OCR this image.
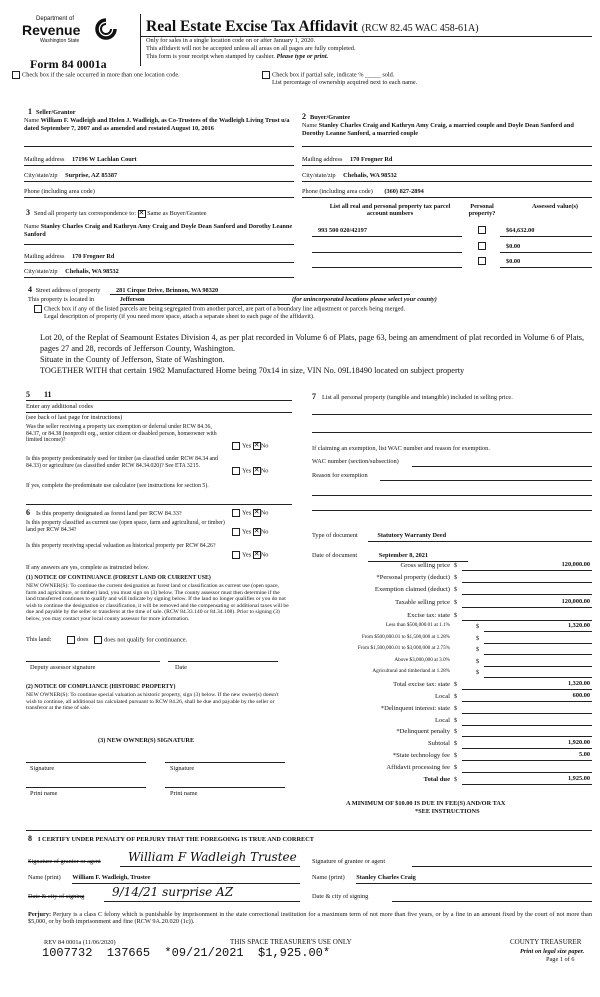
Department of
Revenue
Washington State
Form 84 0001a
Real Estate Excise Tax Affidavit (RCW 82.45 WAC 458-61A)
Only for sales in a single location code on or after January 1, 2020.
This affidavit will not be accepted unless all areas on all pages are fully completed.
This form is your receipt when stamped by cashier. Please type or print.
Check box if the sale occurred in more than one location code.	Check box if partial sale, indicate % _____ sold.
List percentage of ownership acquired next to each name.
1 Seller/Grantor
Name William F. Wadleigh and Helen J. Wadleigh, as Co-Trustees of the Wadleigh Living Trust u/a dated September 7, 2007 and as amended and restated August 10, 2016
Mailing address 17196 W Lachlan Court
City/state/zip Surprise, AZ 85387
Phone (including area code)
2 Buyer/Grantee
Name Stanley Charles Craig and Kathryn Amy Craig, a married couple and Doyle Dean Sanford and Dorothy Leanne Sanford, a married couple
Mailing address 170 Frogner Rd
City/state/zip Chehalis, WA 98532
Phone (including area code) (360) 827-2894
3 Send all property tax correspondence to: ✕ Same as Buyer/Grantee
Name Stanley Charles Craig and Kathryn Amy Craig and Doyle Dean Sanford and Dorothy Leanne Sanford
Mailing address 170 Frogner Rd
City/state/zip Chehalis, WA 98532
List all real and personal property tax parcel account numbers
Personal property?
Assessed value(s)
993 500 020/42197	$64,632.00
$0.00
$0.00
4 Street address of property 281 Cirque Drive, Brinnon, WA 98320
This property is located in	Jefferson	(for unincorporated locations please select your county)
Check box if any of the listed parcels are being segregated from another parcel, are part of a boundary line adjustment or parcels being merged.
Legal description of property (if you need more space, attach a separate sheet to each page of the affidavit).
Lot 20, of the Replat of Seamount Estates Division 4, as per plat recorded in Volume 6 of Plats, page 63, being an amendment of plat recorded in Volume 6 of Plats, pages 27 and 28, records of Jefferson County, Washington.
Situate in the County of Jefferson, State of Washington.
TOGETHER WITH that certain 1982 Manufactured Home being 70x14 in size, VIN No. 09L18490 located on subject property
5 11
Enter any additional codes
(see back of last page for instructions)
Was the seller receiving a property tax exemption or deferral under RCW 84.36, 84.37, or 84.38 (nonprofit org., senior citizen or disabled person, homeowner with limited income)?
Yes ✕ No
Is this property predominately used for timber (as classified under RCW 84.34 and 84.33) or agriculture (as classified under RCW 84.34.020)? See ETA 3215.
Yes ✕ No
If yes, complete the predominate use calculator (see instructions for section 5).
6 Is this property designated as forest land per RCW 84.33?	Yes ✕ No
Is this property classified as current use (open space, farm and agricultural, or timber) land per RCW 84.34?	Yes ✕ No
Is this property receiving special valuation as historical property per RCW 84.26?
Yes ✕ No
If any answers are yes, complete as instructed below.
(1) NOTICE OF CONTINUANCE (FOREST LAND OR CURRENT USE)
NEW OWNER(S): To continue the current designation as forest land or classification as current use (open space, farm and agriculture, or timber) land, you must sign on (3) below. The county assessor must then determine if the land transferred continues to qualify and will indicate by signing below. If the land no longer qualifies or you do not wish to continue the designation or classification, it will be removed and the compensating or additional taxes will be due and payable by the seller or transferor at the time of sale. (RCW 84.33.140 or 84.34.108). Prior to signing (3) below, you may contact your local county assessor for more information.
This land:	does does not qualify for continuance.
Deputy assessor signature	Date
(2) NOTICE OF COMPLIANCE (HISTORIC PROPERTY)
NEW OWNER(S): To continue special valuation as historic property, sign (3) below. If the new owner(s) doesn't wish to continue, all additional tax calculated pursuant to RCW 84.26, shall be due and payable by the seller or transferor at the time of sale.
(3) NEW OWNER(S) SIGNATURE
Signature	Signature
Print name	Print name
7 List all personal property (tangible and intangible) included in selling price.
If claiming an exemption, list WAC number and reason for exemption.
WAC number (section/subsection)
Reason for exemption
Type of document	Statutory Warranty Deed
Date of document	September 8, 2021
Gross selling price $	120,000.00
*Personal property (deduct) $
Exemption claimed (deduct) $
Taxable selling price $	120,000.00
Excise tax: state $
Less than $500,000.01 at 1.1%	$	1,320.00
From $500,000.01 to $1,500,000 at 1.28%	$
From $1,500,000.01 to $3,000,000 at 2.75%	$
Above $3,000,000 at 3.0%	$
Agricultural and timberland at 1.28%	$
Total excise tax: state $	1,320.00
Local $	600.00
*Delinquent interest: state $
Local $
*Delinquent penalty $
Subtotal $	1,920.00
*State technology fee $	5.00
Affidavit processing fee $
Total due $	1,925.00
A MINIMUM OF $10.00 IS DUE IN FEE(S) AND/OR TAX
*SEE INSTRUCTIONS
8 I CERTIFY UNDER PENALTY OF PERJURY THAT THE FOREGOING IS TRUE AND CORRECT
Signature of grantor or agent William F Wadleigh Trustee Signature of grantee or agent
Name (print) William F. Wadleigh, Trustee	Name (print) Stanley Charles Craig
Date & city of signing 9/14/21 surprise AZ	Date & city of signing
Perjury: Perjury is a class C felony which is punishable by imprisonment in the state correctional institution for a maximum term of not more than five years, or by a fine in an amount fixed by the court of not more than $5,000, or by both imprisonment and fine (RCW 9A.20.020 (1c)).
REV 84 0001a (11/06/2020)	THIS SPACE TREASURER'S USE ONLY	COUNTY TREASURER
Print on legal size paper.
Page 1 of 6
1007732  137665  *09/21/2021  $1,925.00*
